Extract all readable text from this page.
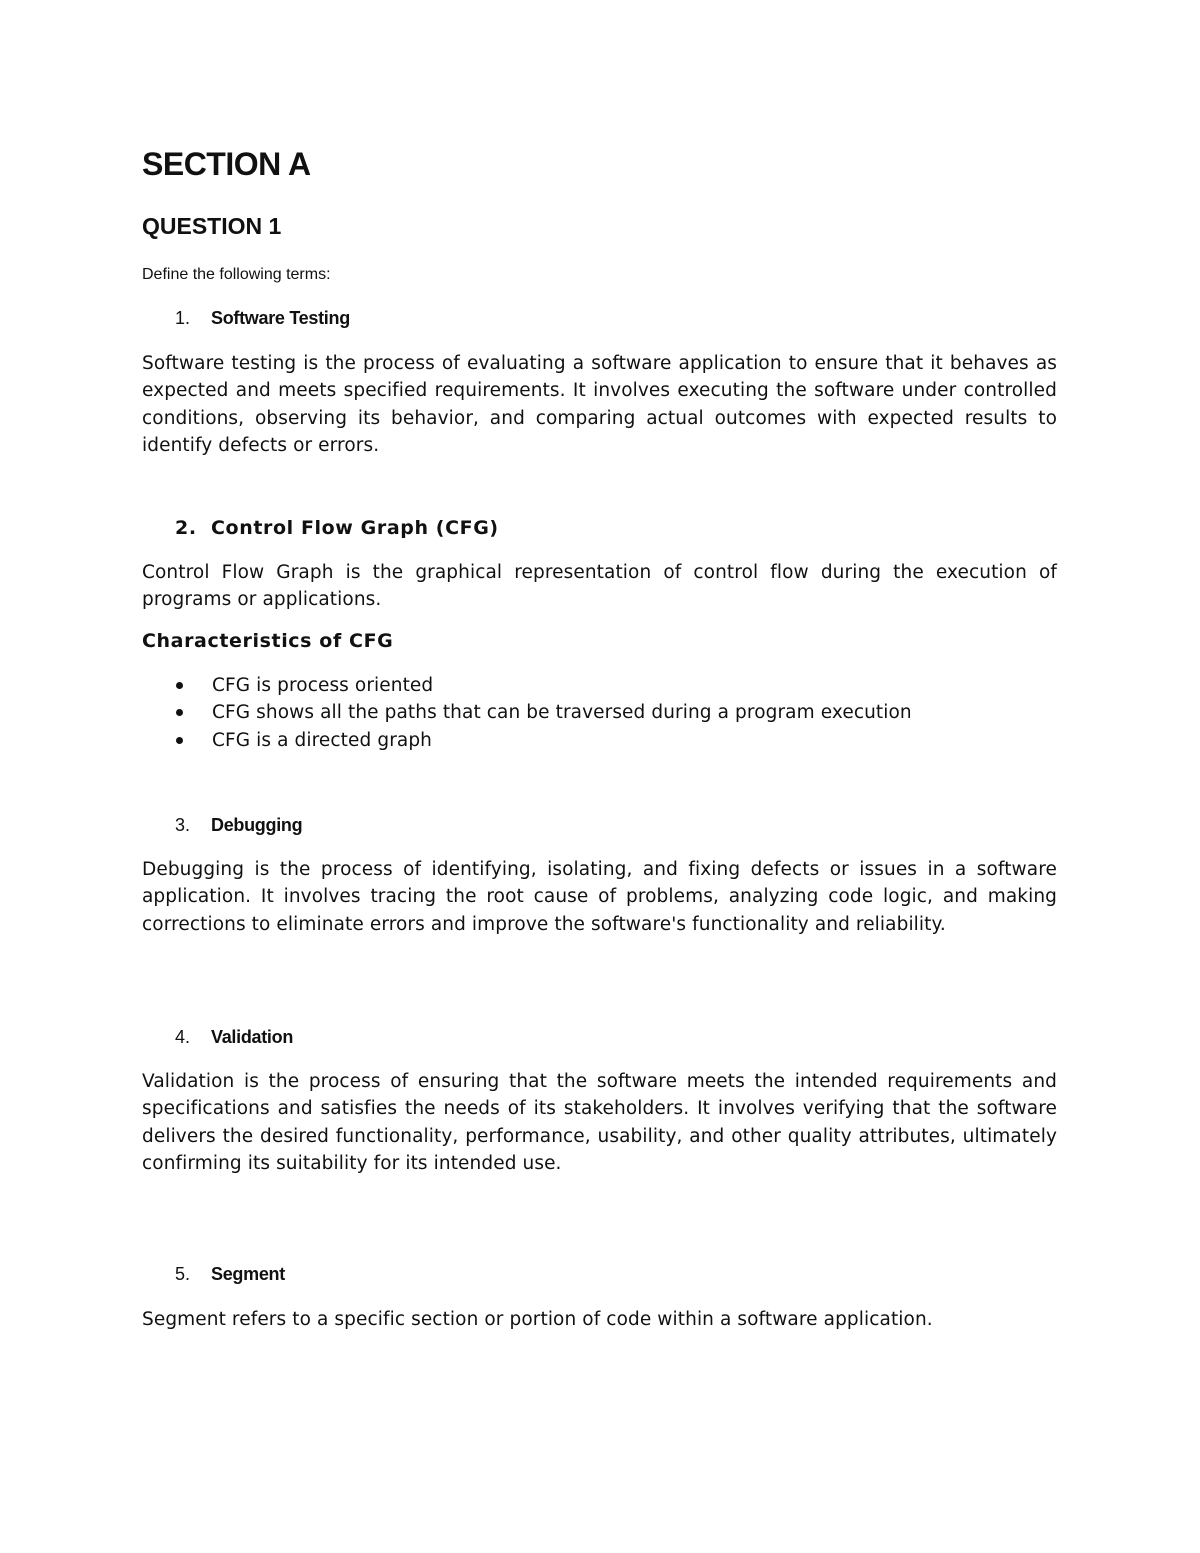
SECTION A
QUESTION 1

Define the following terms:

1. Software Testing

Software testing is the process of evaluating a software application to ensure that it behaves as expected and meets specified requirements. It involves executing the software under controlled conditions, observing its behavior, and comparing actual outcomes with expected results to identify defects or errors.

2. Control Flow Graph (CFG)

Control Flow Graph is the graphical representation of control flow during the execution of programs or applications.

Characteristics of CFG
CFG is process oriented
CFG shows all the paths that can be traversed during a program execution
CFG is a directed graph
3. Debugging

Debugging is the process of identifying, isolating, and fixing defects or issues in a software application. It involves tracing the root cause of problems, analyzing code logic, and making corrections to eliminate errors and improve the software's functionality and reliability.

4. Validation

Validation is the process of ensuring that the software meets the intended requirements and specifications and satisfies the needs of its stakeholders. It involves verifying that the software delivers the desired functionality, performance, usability, and other quality attributes, ultimately confirming its suitability for its intended use.

5. Segment

Segment refers to a specific section or portion of code within a software application.
